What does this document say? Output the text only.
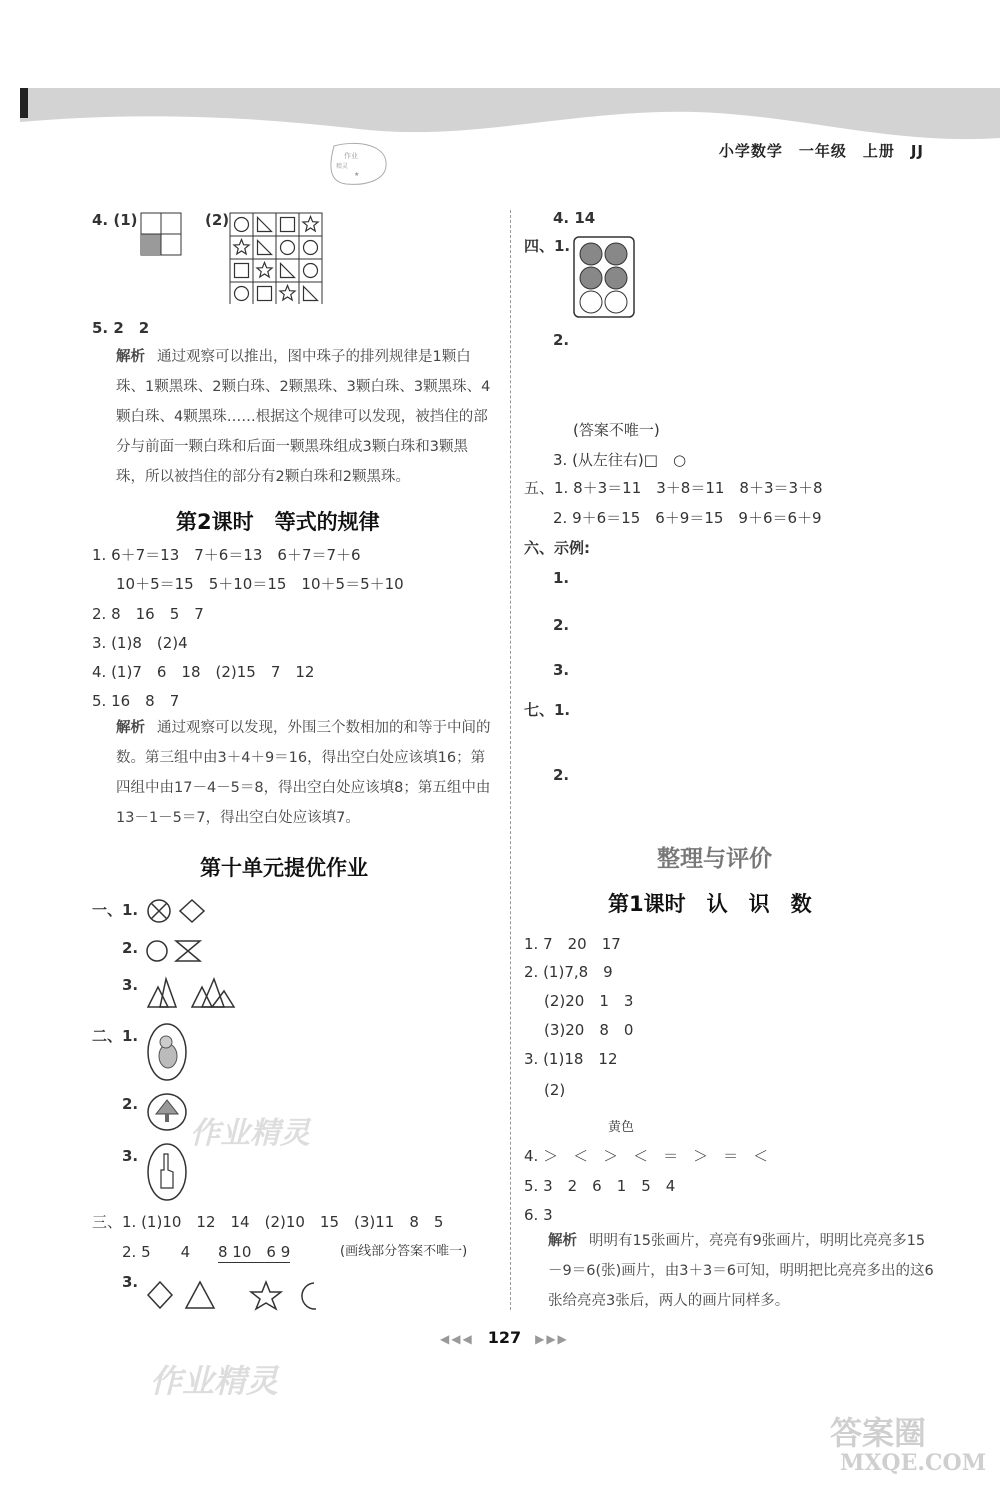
小学数学　一年级　上册　JJ
作业
精灵
★
4. (1)	(2)
5. 2　2
解析 通过观察可以推出，图中珠子的排列规律是1颗白珠、1颗黑珠、2颗白珠、2颗黑珠、3颗白珠、3颗黑珠、4颗白珠、4颗黑珠……根据这个规律可以发现，被挡住的部分与前面一颗白珠和后面一颗黑珠组成3颗白珠和3颗黑珠，所以被挡住的部分有2颗白珠和2颗黑珠。
第2课时　等式的规律
1. 6＋7＝13　7＋6＝13　6＋7＝7＋6
10＋5＝15　5＋10＝15　10＋5＝5＋10
2. 8　16　5　7
3. (1)8　(2)4
4. (1)7　6　18　(2)15　7　12
5. 16　8　7
解析 通过观察可以发现，外围三个数相加的和等于中间的数。第三组中由3＋4＋9＝16，得出空白处应该填16；第四组中由17－4－5＝8，得出空白处应该填8；第五组中由13－1－5＝7，得出空白处应该填7。
第十单元提优作业
一、1.
2.
3.
二、1.
2.
3.
三、1. (1)10　12　14　(2)10　15　(3)11　8　5
2. 5　　4 8 10　6 9	(画线部分答案不唯一)
3.
4. 14
四、1.
2.
(答案不唯一)
3. (从左往右)□　○
五、1. 8＋3＝11　3＋8＝11　8＋3＝3＋8
2. 9＋6＝15　6＋9＝15　9＋6＝6＋9
六、示例:
1.
2.
3.
七、1.
2.
整理与评价
第1课时　认　识　数
1. 7　20　17
2. (1)7,8　9
(2)20　1　3
(3)20　8　0
3. (1)18　12
(2)
黄色
4. ＞　＜　＞　＜　＝　＞　＝　＜
5. 3　2　6　1　5　4
6. 3
解析 明明有15张画片，亮亮有9张画片，明明比亮亮多15－9＝6(张)画片，由3＋3＝6可知，明明把比亮亮多出的这6张给亮亮3张后，两人的画片同样多。
◀◀◀ 127 ▶▶▶
作业精灵
作业精灵
答案圈
MXQE.COM
